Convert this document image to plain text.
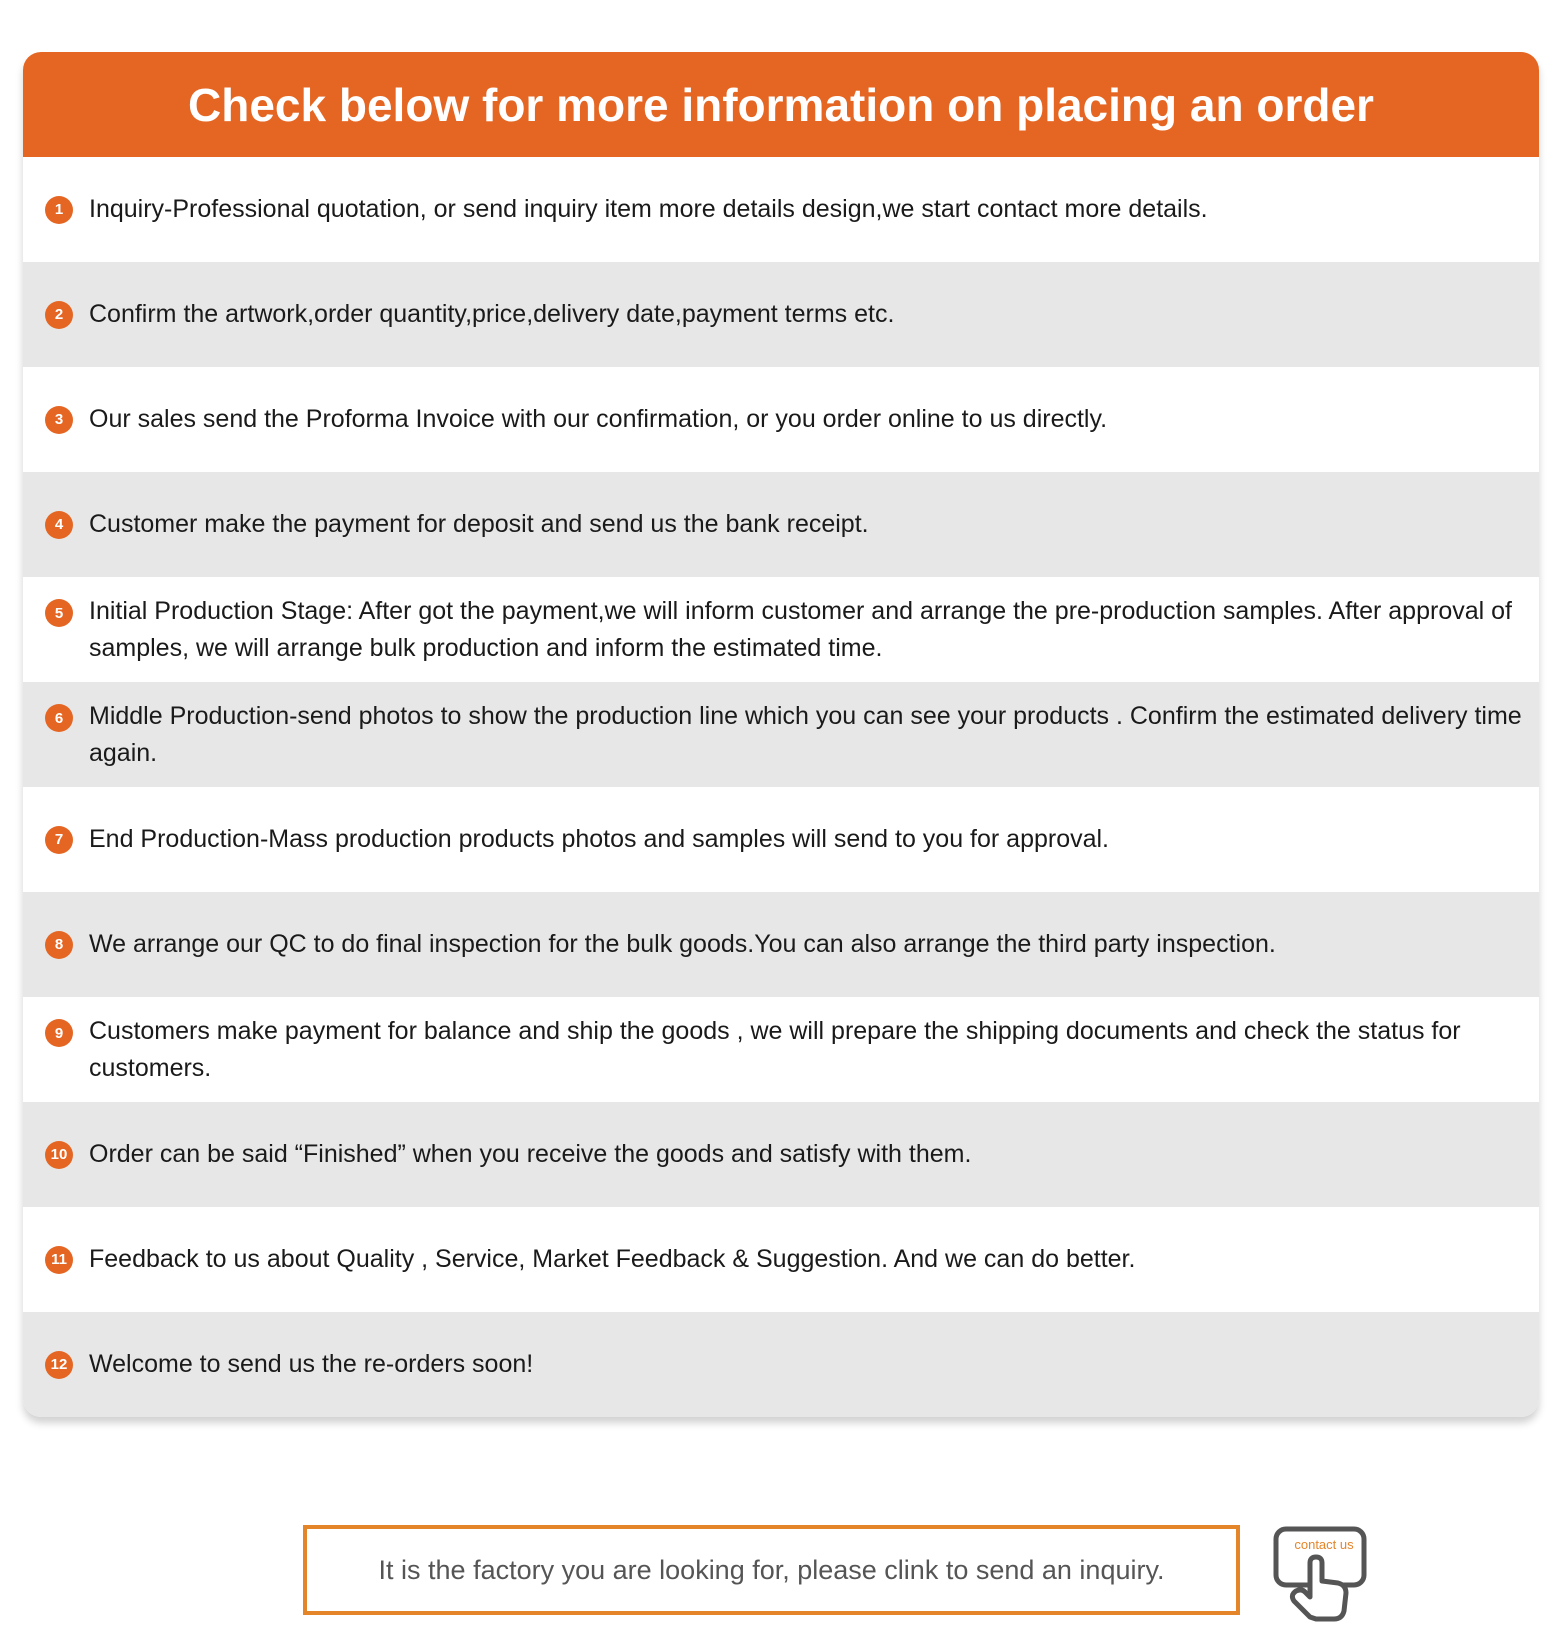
Check below for more information on placing an order
1	Inquiry-Professional quotation, or send inquiry item more details design,we start contact more details.
2	Confirm the artwork,order quantity,price,delivery date,payment terms etc.
3	Our sales send the Proforma Invoice with our confirmation, or you order online to us directly.
4	Customer make the payment for deposit and send us the bank receipt.
5	Initial Production Stage: After got the payment,we will inform customer and arrange the pre-production samples. After approval of samples, we will arrange bulk production and inform the estimated time.
6	Middle Production-send photos to show the production line which you can see your products . Confirm the estimated delivery time again.
7	End Production-Mass production products photos and samples will send to you for approval.
8	We arrange our QC to do final inspection for the bulk goods.You can also arrange the third party inspection.
9	Customers make payment for balance and ship the goods , we will prepare the shipping documents and check the status for customers.
10 Order can be said “Finished” when you receive the goods and satisfy with them.
11 Feedback to us about Quality , Service, Market Feedback & Suggestion. And we can do better.
12 Welcome to send us the re-orders soon!
It is the factory you are looking for, please clink to send an inquiry.
contact us
